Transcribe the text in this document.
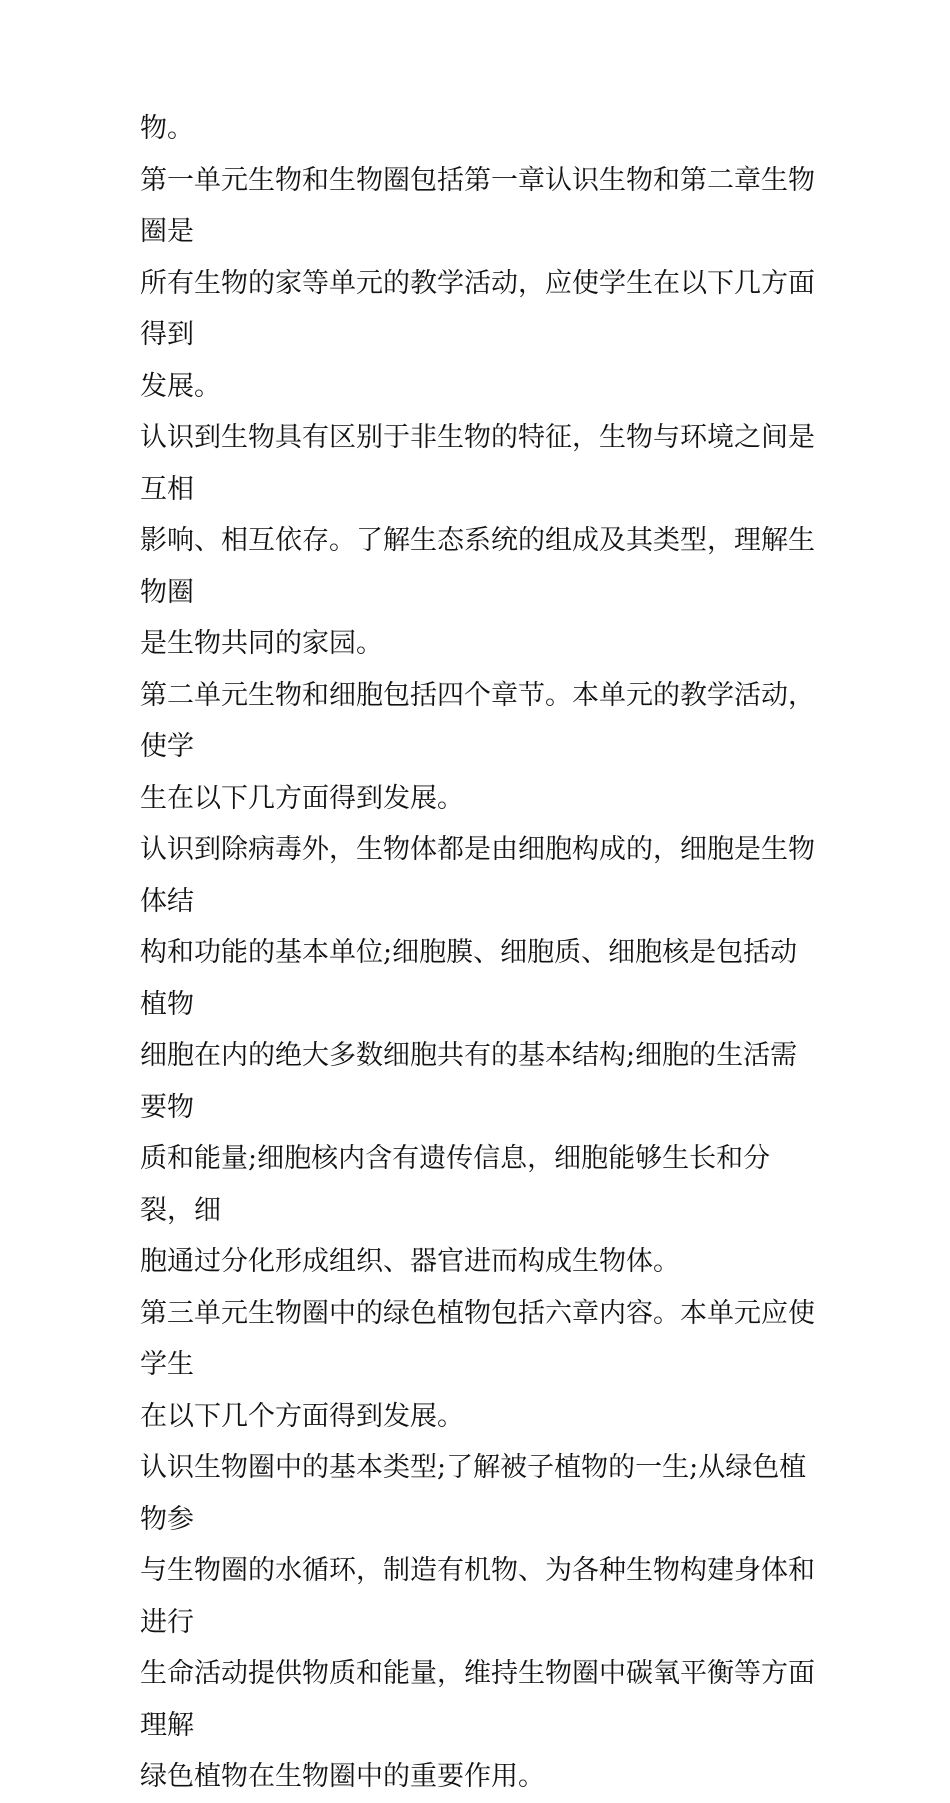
物。

第一单元生物和生物圈包括第一章认识生物和第二章生物圈是
所有生物的家等单元的教学活动，应使学生在以下几方面得到
发展。

认识到生物具有区别于非生物的特征，生物与环境之间是互相
影响、相互依存。了解生态系统的组成及其类型，理解生物圈
是生物共同的家园。

第二单元生物和细胞包括四个章节。本单元的教学活动，使学
生在以下几方面得到发展。

认识到除病毒外，生物体都是由细胞构成的，细胞是生物体结
构和功能的基本单位;细胞膜、细胞质、细胞核是包括动植物
细胞在内的绝大多数细胞共有的基本结构;细胞的生活需要物
质和能量;细胞核内含有遗传信息，细胞能够生长和分裂，细
胞通过分化形成组织、器官进而构成生物体。

第三单元生物圈中的绿色植物包括六章内容。本单元应使学生
在以下几个方面得到发展。

认识生物圈中的基本类型;了解被子植物的一生;从绿色植物参
与生物圈的水循环，制造有机物、为各种生物构建身体和进行
生命活动提供物质和能量，维持生物圈中碳氧平衡等方面理解
绿色植物在生物圈中的重要作用。
